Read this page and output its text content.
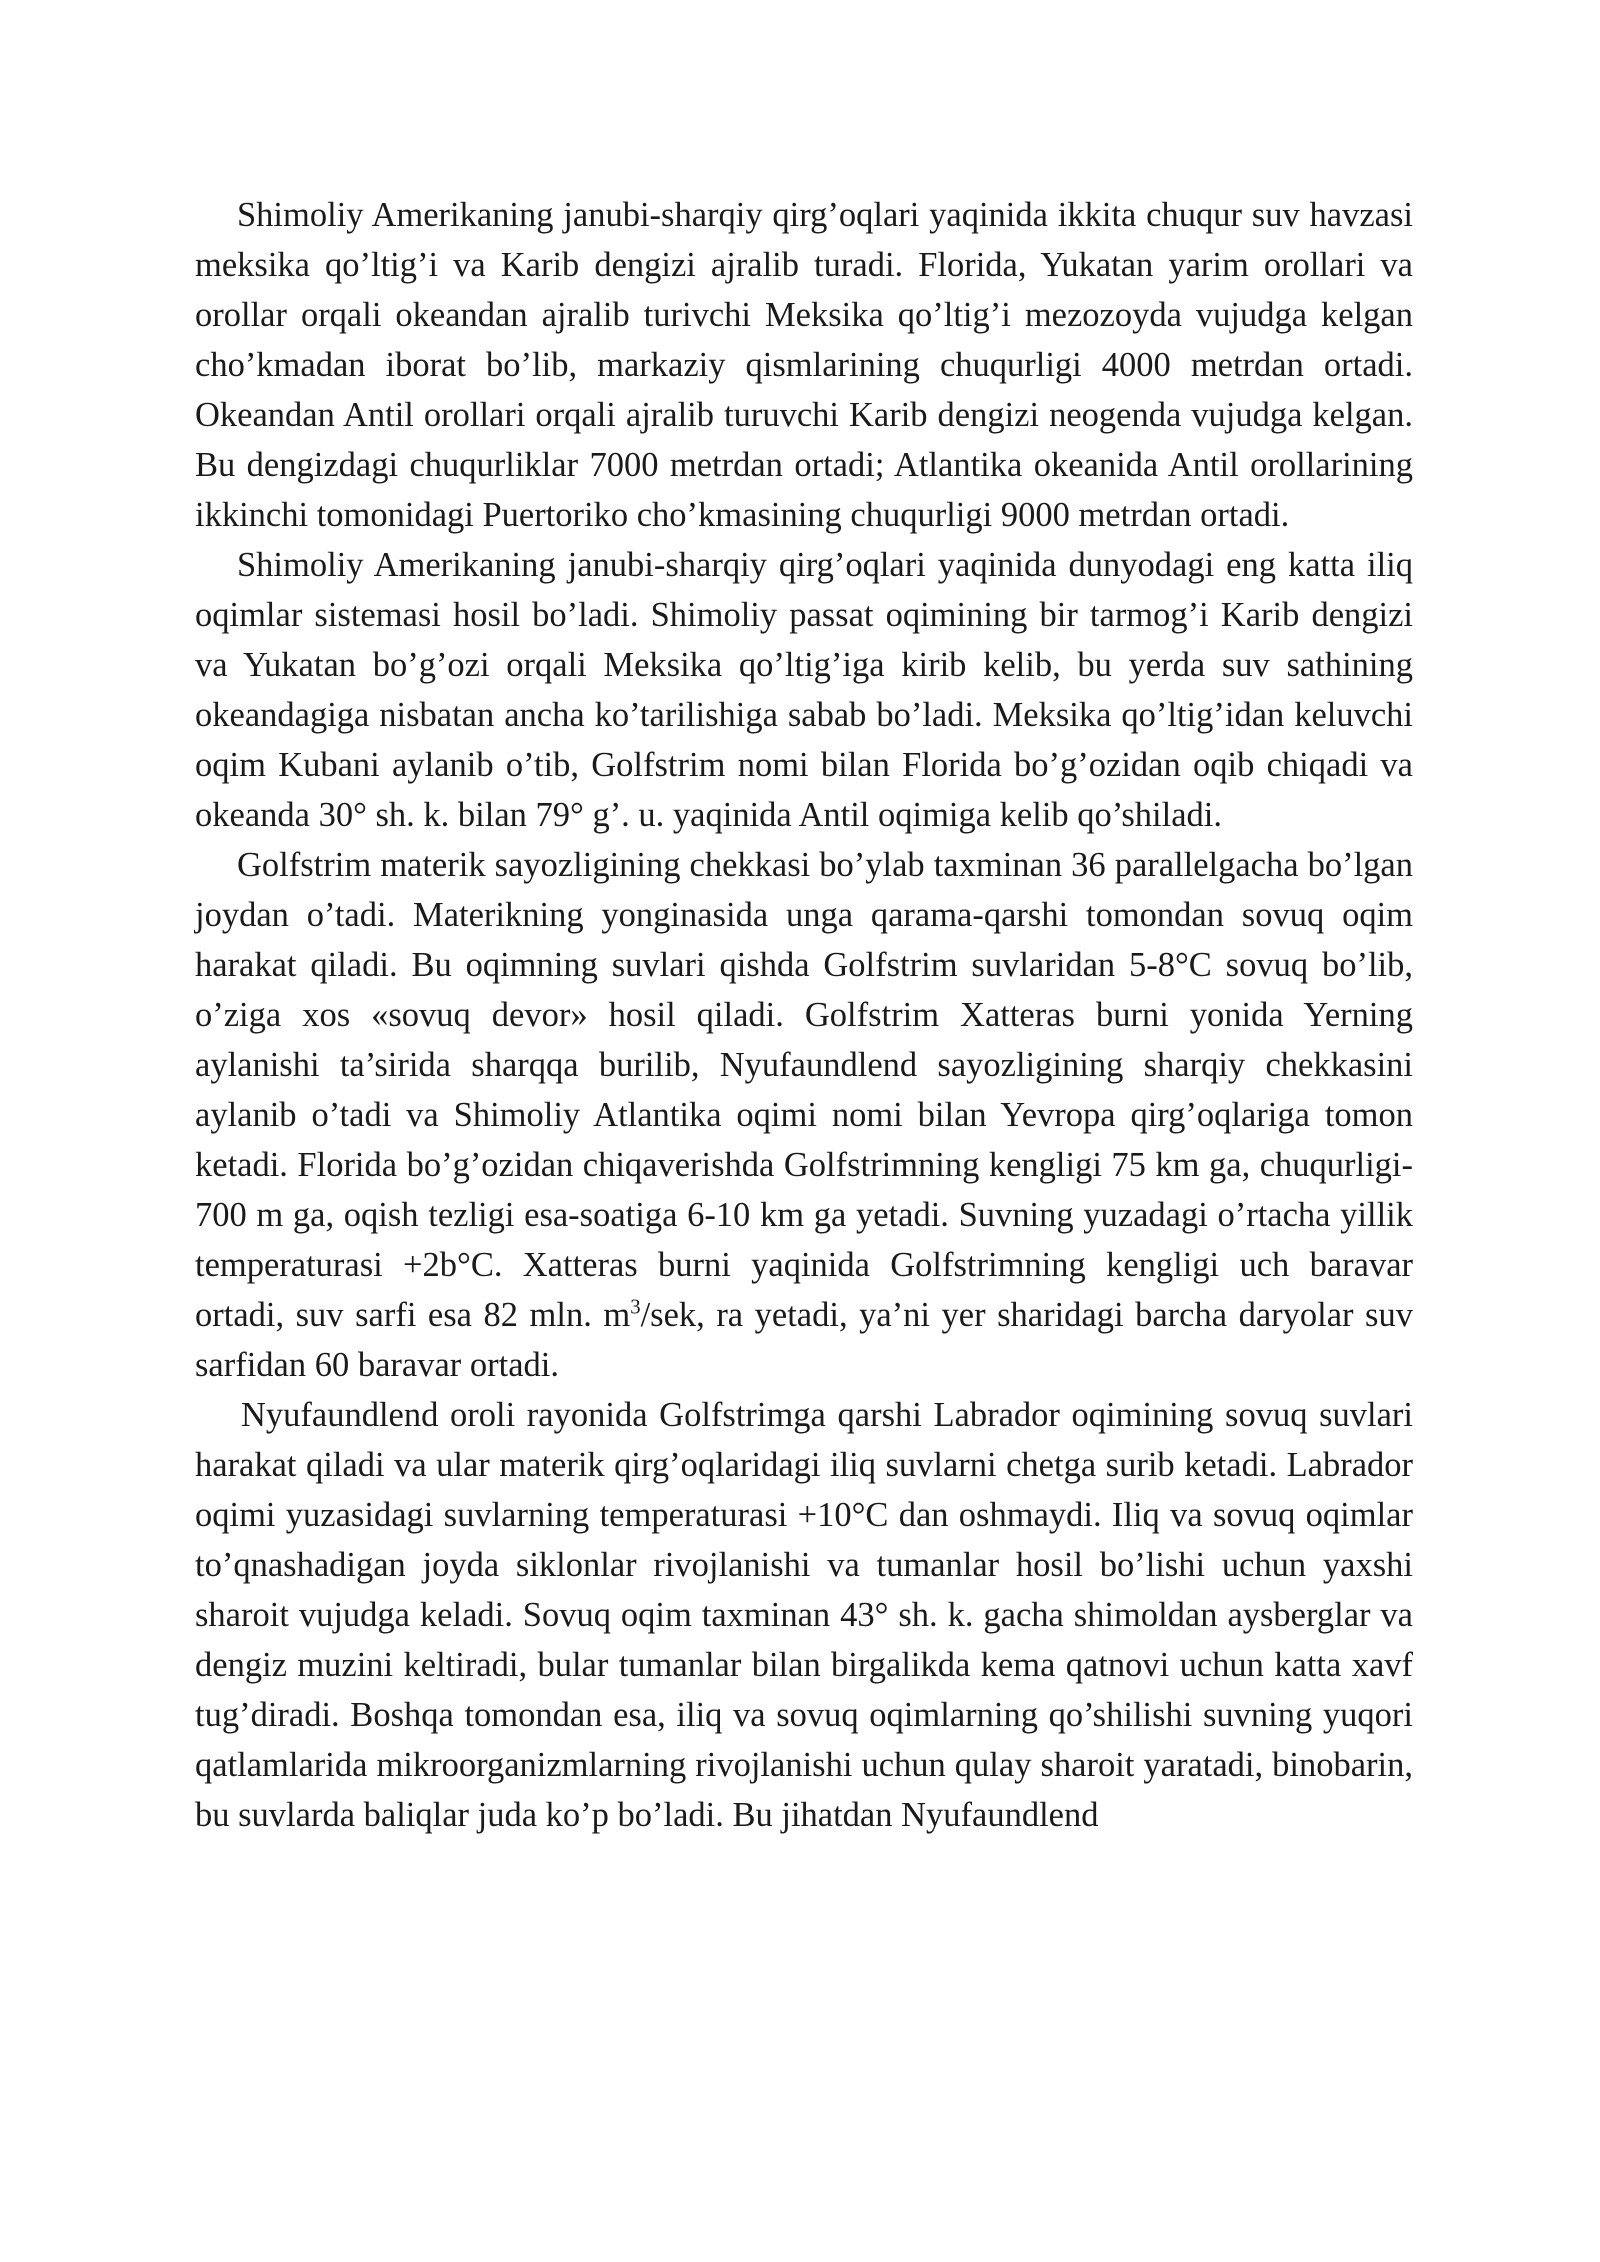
Shimoliy Amerikaning janubi-sharqiy qirg’oqlari yaqinida ikkita chuqur suv havzasi meksika qo’ltig’i va Karib dengizi ajralib turadi. Florida, Yukatan yarim orollari va orollar orqali okeandan ajralib turivchi Meksika qo’ltig’i mezozoyda vujudga kelgan cho’kmadan iborat bo’lib, markaziy qismlarining chuqurligi 4000 metrdan ortadi. Okeandan Antil orollari orqali ajralib turuvchi Karib dengizi neogenda vujudga kelgan. Bu dengizdagi chuqurliklar 7000 metrdan ortadi; Atlantika okeanida Antil orollarining ikkinchi tomonidagi Puertoriko cho’kmasining chuqurligi 9000 metrdan ortadi.

Shimoliy Amerikaning janubi-sharqiy qirg’oqlari yaqinida dunyodagi eng katta iliq oqimlar sistemasi hosil bo’ladi. Shimoliy passat oqimining bir tarmog’i Karib dengizi va Yukatan bo’g’ozi orqali Meksika qo’ltig’iga kirib kelib, bu yerda suv sathining okeandagiga nisbatan ancha ko’tarilishiga sabab bo’ladi. Meksika qo’ltig’idan keluvchi oqim Kubani aylanib o’tib, Golfstrim nomi bilan Florida bo’g’ozidan oqib chiqadi va okeanda 30° sh. k. bilan 79° g’. u. yaqinida Antil oqimiga kelib qo’shiladi.

Golfstrim materik sayozligining chekkasi bo’ylab taxminan 36 parallelgacha bo’lgan joydan o’tadi. Materikning yonginasida unga qarama-qarshi tomondan sovuq oqim harakat qiladi. Bu oqimning suvlari qishda Golfstrim suvlaridan 5-8°C sovuq bo’lib, o’ziga xos «sovuq devor» hosil qiladi. Golfstrim Xatteras burni yonida Yerning aylanishi ta’sirida sharqqa burilib, Nyufaundlend sayozligining sharqiy chekkasini aylanib o’tadi va Shimoliy Atlantika oqimi nomi bilan Yevropa qirg’oqlariga tomon ketadi. Florida bo’g’ozidan chiqaverishda Golfstrimning kengligi 75 km ga, chuqurligi-700 m ga, oqish tezligi esa-soatiga 6-10 km ga yetadi. Suvning yuzadagi o’rtacha yillik temperaturasi +2b°C. Xatteras burni yaqinida Golfstrimning kengligi uch baravar ortadi, suv sarfi esa 82 mln. $m^3$/sek, ra yetadi, ya’ni yer sharidagi barcha daryolar suv sarfidan 60 baravar ortadi.

Nyufaundlend oroli rayonida Golfstrimga qarshi Labrador oqimining sovuq suvlari harakat qiladi va ular materik qirg’oqlaridagi iliq suvlarni chetga surib ketadi. Labrador oqimi yuzasidagi suvlarning temperaturasi +10°C dan oshmaydi. Iliq va sovuq oqimlar to’qnashadigan joyda siklonlar rivojlanishi va tumanlar hosil bo’lishi uchun yaxshi sharoit vujudga keladi. Sovuq oqim taxminan 43° sh. k. gacha shimoldan aysberglar va dengiz muzini keltiradi, bular tumanlar bilan birgalikda kema qatnovi uchun katta xavf tug’diradi. Boshqa tomondan esa, iliq va sovuq oqimlarning qo’shilishi suvning yuqori qatlamlarida mikroorganizmlarning rivojlanishi uchun qulay sharoit yaratadi, binobarin, bu suvlarda baliqlar juda ko’p bo’ladi. Bu jihatdan Nyufaundlend
